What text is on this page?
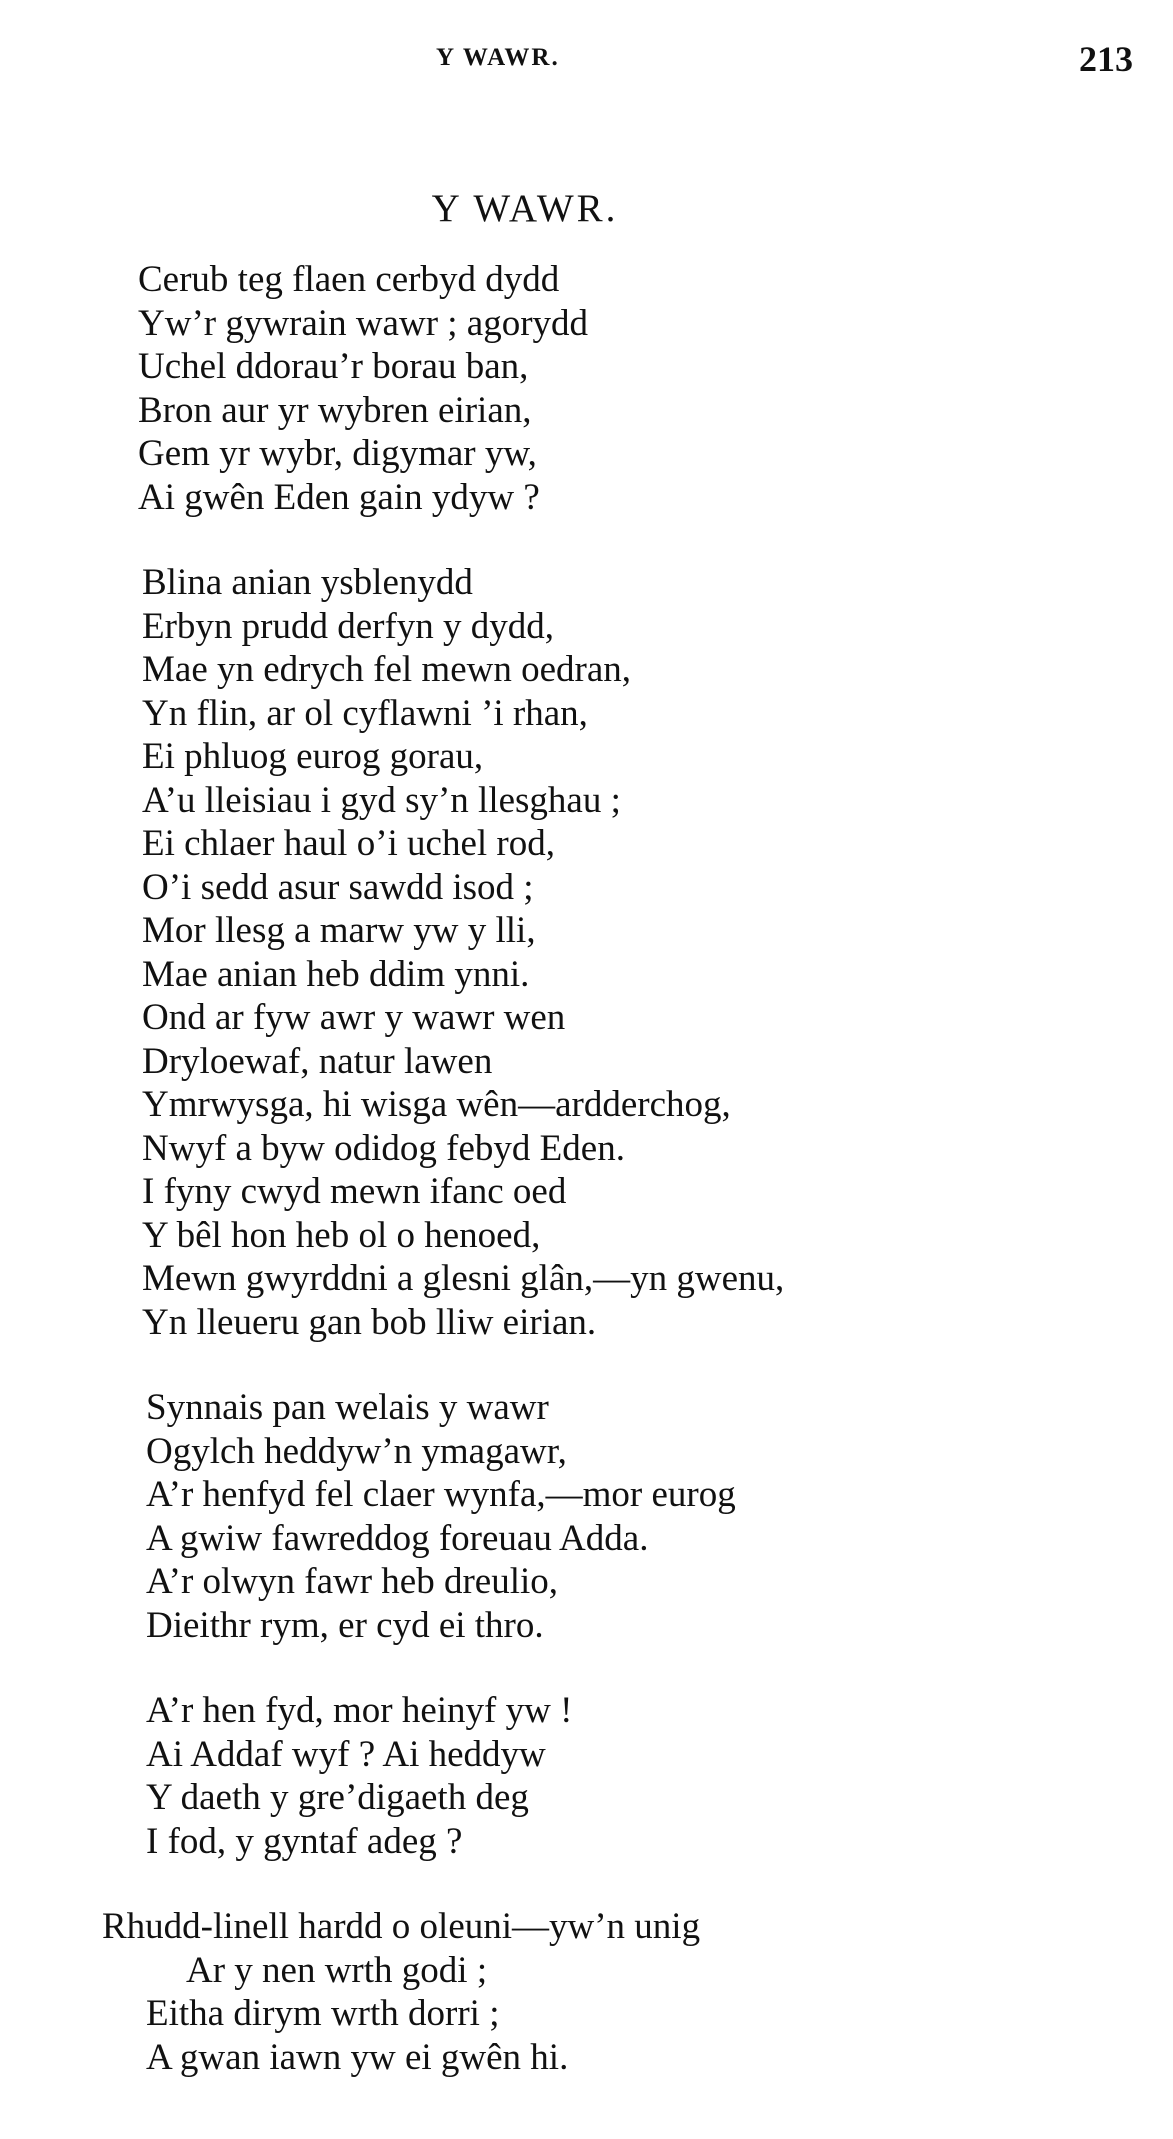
Y WAWR.	213
Y WAWR.
Cerub teg flaen cerbyd dydd
Yw’r gywrain wawr ; agorydd
Uchel ddorau’r borau ban,
Bron aur yr wybren eirian,
Gem yr wybr, digymar yw,
Ai gwên Eden gain ydyw ?
Blina anian ysblenydd
Erbyn prudd derfyn y dydd,
Mae yn edrych fel mewn oedran,
Yn flin, ar ol cyflawni ’i rhan,
Ei phluog eurog gorau,
A’u lleisiau i gyd sy’n llesghau ;
Ei chlaer haul o’i uchel rod,
O’i sedd asur sawdd isod ;
Mor llesg a marw yw y lli,
Mae anian heb ddim ynni.
Ond ar fyw awr y wawr wen
Dryloewaf, natur lawen
Ymrwysga, hi wisga wên—ardderchog,
Nwyf a byw odidog febyd Eden.
I fyny cwyd mewn ifanc oed
Y bêl hon heb ol o henoed,
Mewn gwyrddni a glesni glân,—yn gwenu,
Yn lleueru gan bob lliw eirian.
Synnais pan welais y wawr
Ogylch heddyw’n ymagawr,
A’r henfyd fel claer wynfa,—mor eurog
A gwiw fawreddog foreuau Adda.
A’r olwyn fawr heb dreulio,
Dieithr rym, er cyd ei thro.
A’r hen fyd, mor heinyf yw !
Ai Addaf wyf ? Ai heddyw
Y daeth y gre’digaeth deg
I fod, y gyntaf adeg ?
Rhudd-linell hardd o oleuni—yw’n unig
Ar y nen wrth godi ;
Eitha dirym wrth dorri ;
A gwan iawn yw ei gwên hi.
